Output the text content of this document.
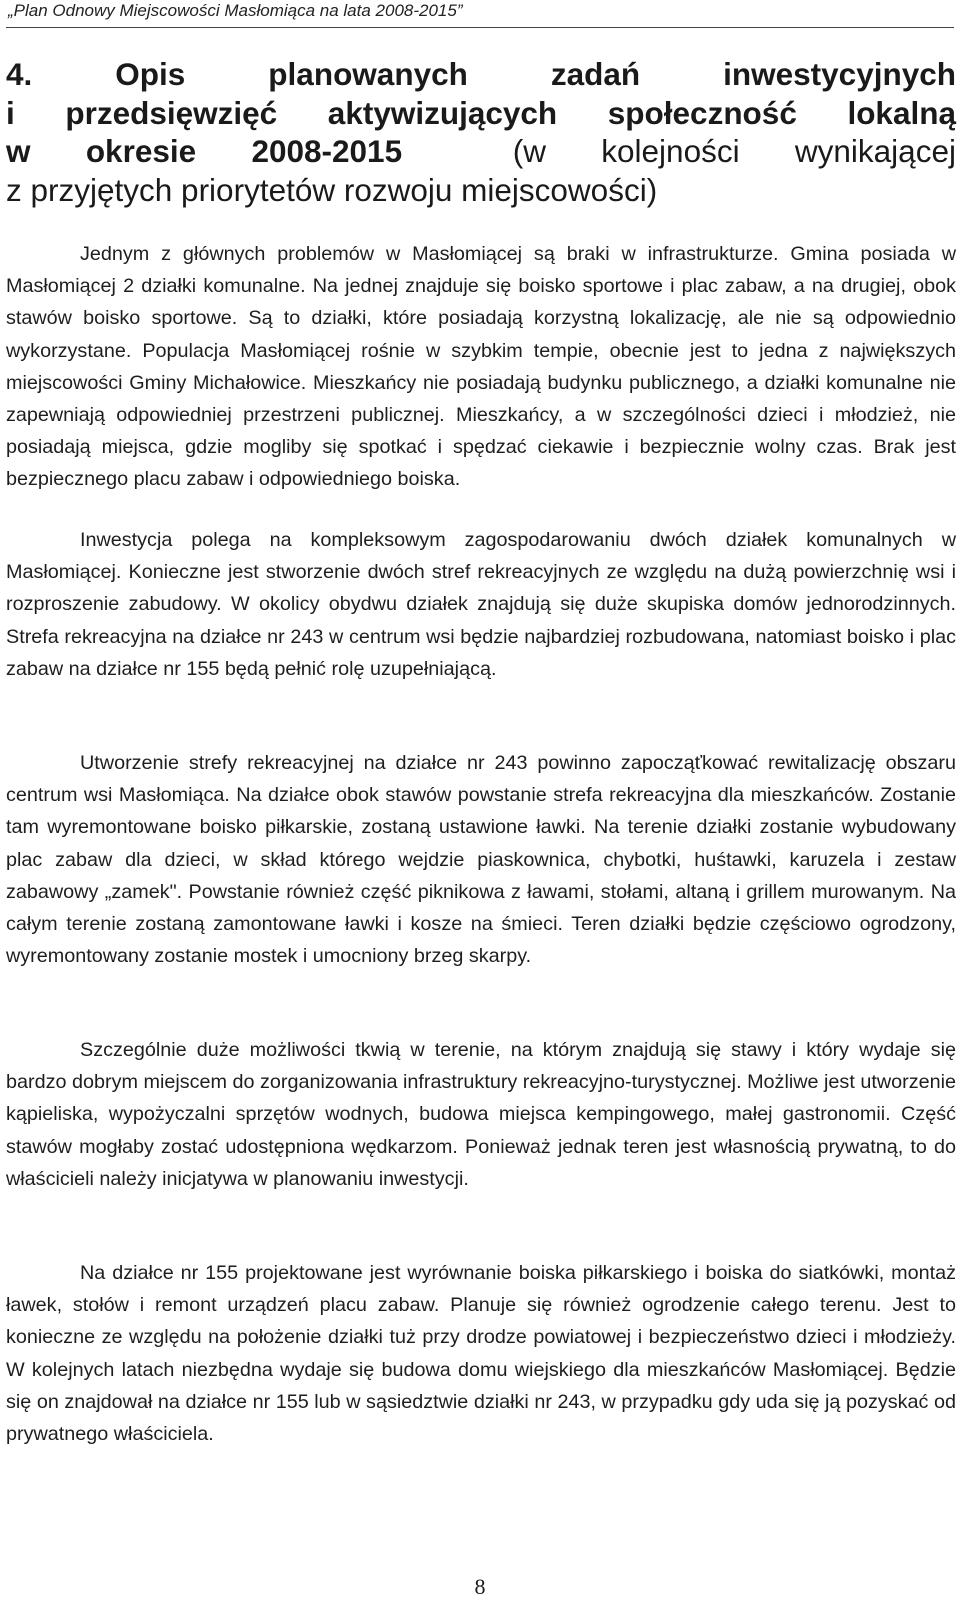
„Plan Odnowy Miejscowości Masłomiąca na lata 2008-2015”
4. Opis planowanych zadań inwestycyjnych
i przedsięwzięć aktywizujących społeczność lokalną
w okresie 2008-2015	(w kolejności wynikającej
z przyjętych priorytetów rozwoju miejscowości)

Jednym z głównych problemów w Masłomiącej są braki w infrastrukturze. Gmina posiada w Masłomiącej 2 działki komunalne. Na jednej znajduje się boisko sportowe i plac zabaw, a na drugiej, obok stawów boisko sportowe. Są to działki, które posiadają korzystną lokalizację, ale nie są odpowiednio wykorzystane. Populacja Masłomiącej rośnie w szybkim tempie, obecnie jest to jedna z największych miejscowości Gminy Michałowice. Mieszkańcy nie posiadają budynku publicznego, a działki komunalne nie zapewniają odpowiedniej przestrzeni publicznej. Mieszkańcy, a w szczególności dzieci i młodzież, nie posiadają miejsca, gdzie mogliby się spotkać i spędzać ciekawie i bezpiecznie wolny czas. Brak jest bezpiecznego placu zabaw i odpowiedniego boiska.

Inwestycja polega na kompleksowym zagospodarowaniu dwóch działek komunalnych w Masłomiącej. Konieczne jest stworzenie dwóch stref rekreacyjnych ze względu na dużą powierzchnię wsi i rozproszenie zabudowy. W okolicy obydwu działek znajdują się duże skupiska domów jednorodzinnych. Strefa rekreacyjna na działce nr 243 w centrum wsi będzie najbardziej rozbudowana, natomiast boisko i plac zabaw na działce nr 155 będą pełnić rolę uzupełniającą.

Utworzenie strefy rekreacyjnej na działce nr 243 powinno zapocząťkować rewitalizację obszaru centrum wsi Masłomiąca. Na działce obok stawów powstanie strefa rekreacyjna dla mieszkańców. Zostanie tam wyremontowane boisko piłkarskie, zostaną ustawione ławki. Na terenie działki zostanie wybudowany plac zabaw dla dzieci, w skład którego wejdzie piaskownica, chybotki, huśtawki, karuzela i zestaw zabawowy „zamek". Powstanie również część piknikowa z ławami, stołami, altaną i grillem murowanym. Na całym terenie zostaną zamontowane ławki i kosze na śmieci. Teren działki będzie częściowo ogrodzony, wyremontowany zostanie mostek i umocniony brzeg skarpy.

Szczególnie duże możliwości tkwią w terenie, na którym znajdują się stawy i który wydaje się bardzo dobrym miejscem do zorganizowania infrastruktury rekreacyjno-turystycznej. Możliwe jest utworzenie kąpieliska, wypożyczalni sprzętów wodnych, budowa miejsca kempingowego, małej gastronomii. Część stawów mogłaby zostać udostępniona wędkarzom. Ponieważ jednak teren jest własnością prywatną, to do właścicieli należy inicjatywa w planowaniu inwestycji.

Na działce nr 155 projektowane jest wyrównanie boiska piłkarskiego i boiska do siatkówki, montaż ławek, stołów i remont urządzeń placu zabaw. Planuje się również ogrodzenie całego terenu. Jest to konieczne ze względu na położenie działki tuż przy drodze powiatowej i bezpieczeństwo dzieci i młodzieży. W kolejnych latach niezbędna wydaje się budowa domu wiejskiego dla mieszkańców Masłomiącej. Będzie się on znajdował na działce nr 155 lub w sąsiedztwie działki nr 243, w przypadku gdy uda się ją pozyskać od prywatnego właściciela.

8
